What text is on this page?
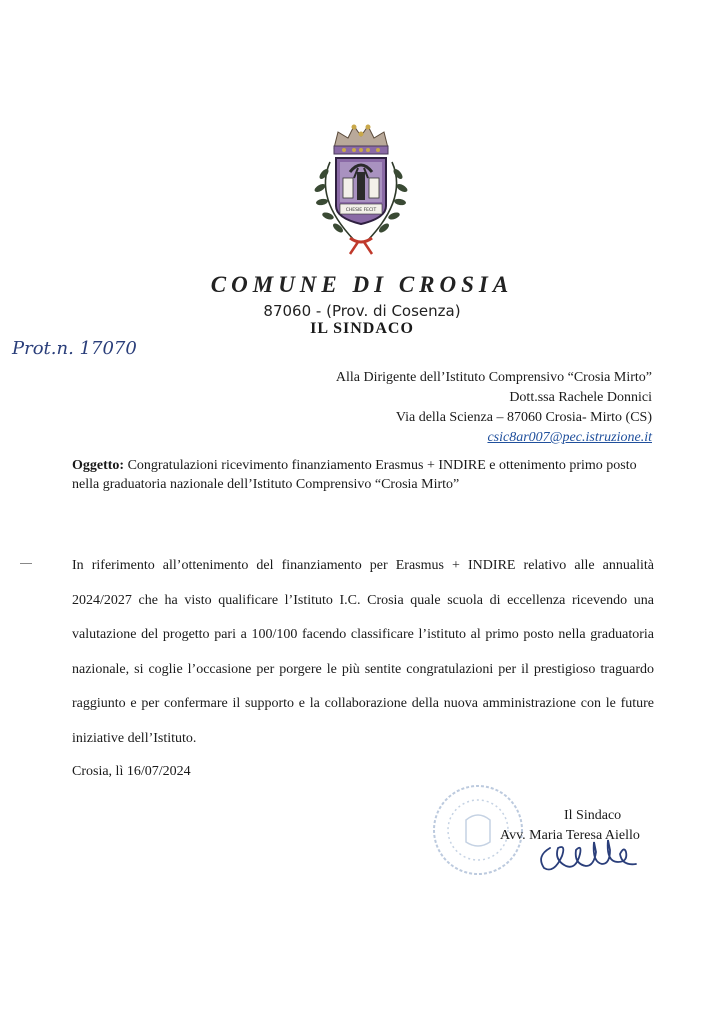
CHESIE FECIT
COMUNE DI CROSIA
87060 - (Prov. di Cosenza)
IL SINDACO
Prot.n. 17070
Alla Dirigente dell’Istituto Comprensivo “Crosia Mirto”
Dott.ssa Rachele Donnici
Via della Scienza – 87060 Crosia- Mirto (CS)
csic8ar007@pec.istruzione.it
Oggetto: Congratulazioni ricevimento finanziamento Erasmus + INDIRE e ottenimento primo posto nella graduatoria nazionale dell’Istituto Comprensivo “Crosia Mirto”
In riferimento all’ottenimento del finanziamento per Erasmus + INDIRE relativo alle annualità 2024/2027 che ha visto qualificare l’Istituto I.C. Crosia quale scuola di eccellenza ricevendo una valutazione del progetto pari a 100/100 facendo classificare l’istituto al primo posto nella graduatoria nazionale, si coglie l’occasione per porgere le più sentite congratulazioni per il prestigioso traguardo raggiunto e per confermare il supporto e la collaborazione della nuova amministrazione con le future iniziative dell’Istituto.
Crosia, lì 16/07/2024
Il Sindaco
Avv. Maria Teresa Aiello
